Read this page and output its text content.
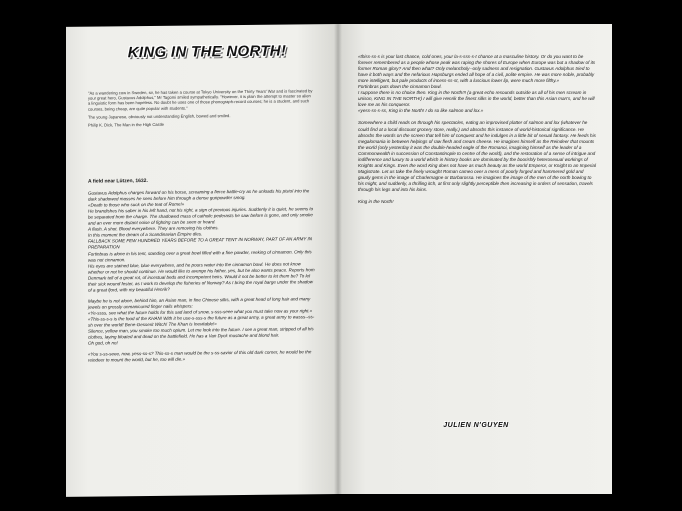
KING IN THE NORTH!

"As a wandering cow in Sweden, sir, he has taken a course at Tokyo University on the Thirty Years' War and is fascinated by your great hero, Gustavus Adolphus," Mr Tagomi smiled sympathetically. "However, it is plain the attempt to master so alien a linguistic form has been hopeless. No doubt he uses one of those phonograph-record courses; he is a student, and such courses, being cheap, are quite popular with students."

The young Japanese, obviously not understanding English, bowed and smiled.

Philip K. Dick, The Man in the High Castle

A field near Lützen, 1632.

Gustavus Adolphus charges forward on his horse, screaming a fierce battle-cry as he unloads his pistol into the dark shadowed masses he sees before him through a dense gunpowder smog.
«Death to those who suck on the teat of Rome!»
He brandishes his saber in his left hand, not his right, a sign of previous injuries. Suddenly it is quiet, he seems to be separated from the charge. The shadowed mass of catholic pederasts he saw before is gone, and only smoke and an ever more distant noise of fighting can be seen or heard.
A flash. A shot. Blood everywhere. They are removing his clothes.
In this moment the dream of a Scandinavian Empire dies.
FALLBACK SOME FEW HUNDRED YEARS BEFORE TO A GREAT TENT IN NORWAY, PART OF AN ARMY IN PREPARATION
Fortinbras is alone in his tent, standing over a great bowl filled with a fine powder, reeking of cinnamon. Only this was not cinnamon.

His eyes are stained blue, blue everywhere, and he pours water into the cinnamon bowl. He does not know whether or not he should continue. He would like to avenge his father, yes, but he also wants peace. Reports from Denmark tell of a great rot, of incestual beds and incompetent heirs. Would it not be better to let them be? To let their sick wound fester, as I work to develop the fisheries of Norway? As I bring the royal barge under the shadow of a great fjord, with my beautiful Henrik?

Maybe he is not alone, behind him, an Asian man, in fine Chinese silks, with a great head of long hair and many jewels on grossly unmanicured finger nails whispers:
«Ye-ssss, see what the future holds for this sad land of snow, s-sss-seee what you must take now as your right.»
«This-ss-s-s is the food of the KHAN! With it he use-s-sss-s the future as a great army, a great army to wasss--ss-sh over the world! Bene-Gesserit Witch! The Khan is Inevitable!»
Silence, yellow man, you smoke too much opium. Let me look into the future. I see a great man, stripped of all his clothes, laying bloated and dead on the battlefield. He has a Van Dyck mustache and blond hair.

Oh god, oh no!

«You s-ss-seee, now, yess-ss-s? This-ss-s man would be the s-ss-savior of this old dark corner, he would be the reindeer to mount the world, but he, too will die.»

«thiss-ss-s is your last chance, cold ones, your la-s-sss-s-t chance at a masculine history. Or do you want to be forever remembered as a people whose peak was raping the shores of Europe when Europe was but a shadow of its former Roman glory? And then what? Only melancholy--only sadness and resignation. Gustavus Adolphus tried to have it both ways and the nefarious Hapsburgs ended all hope of a civil, polite empire. He was more noble, probably more intelligent, but pale products of incess-ss-st, with a luscious lower lip, were much more filthy.»
Fortinbras puts down the cinnamon bowl.
I suppose there is no choice then. King in the North!!! (a great echo resounds outside as all of his men scream in unison, KING IN THE NORTH!) I will give Henrik the finest silks in the world, better than this Asian man's, and he will love me as his conqueror.

«yess-ss-s-ss, King in the North! I do so like salmon and lox.»

Somewhere a child reads on through his spectacles, eating an improvised platter of salmon and lox (whatever he could find at a local discount grocery store, really.) and absorbs this instance of world-historical significance. He absorbs the words on the screen that tell him of conquest and he indulges in a little bit of sexual fantasy. He feeds his megalomania in between helpings of raw flesh and cream cheese. He imagines himself as the Reindeer that mounts the world (only yesterday it was the double-headed eagle of the Romanoi, imagining himself as the leader of a Commonwealth in succession of Constantinople to centre of the world), and the restoration of a sense of intrigue and indifference and luxury to a world which in history books are dominated by the boorishly heterosexual workings of Knights and Kings. Even the word King does not have as much beauty as the world Emperor, or Knight to an Imperial Magistrate. Let us take the finely wrought Roman cameo over a mess of poorly forged and hammered gold and gaudy gems in the image of Charlemagne or Barbarossa. He imagines the image of the men of the north bowing to his might, and suddenly, a thrilling itch, at first only slightly perceptible then increasing in orders of sensation, travels through his legs and into his loins.

King in the North!

JULIEN N'GUYEN
